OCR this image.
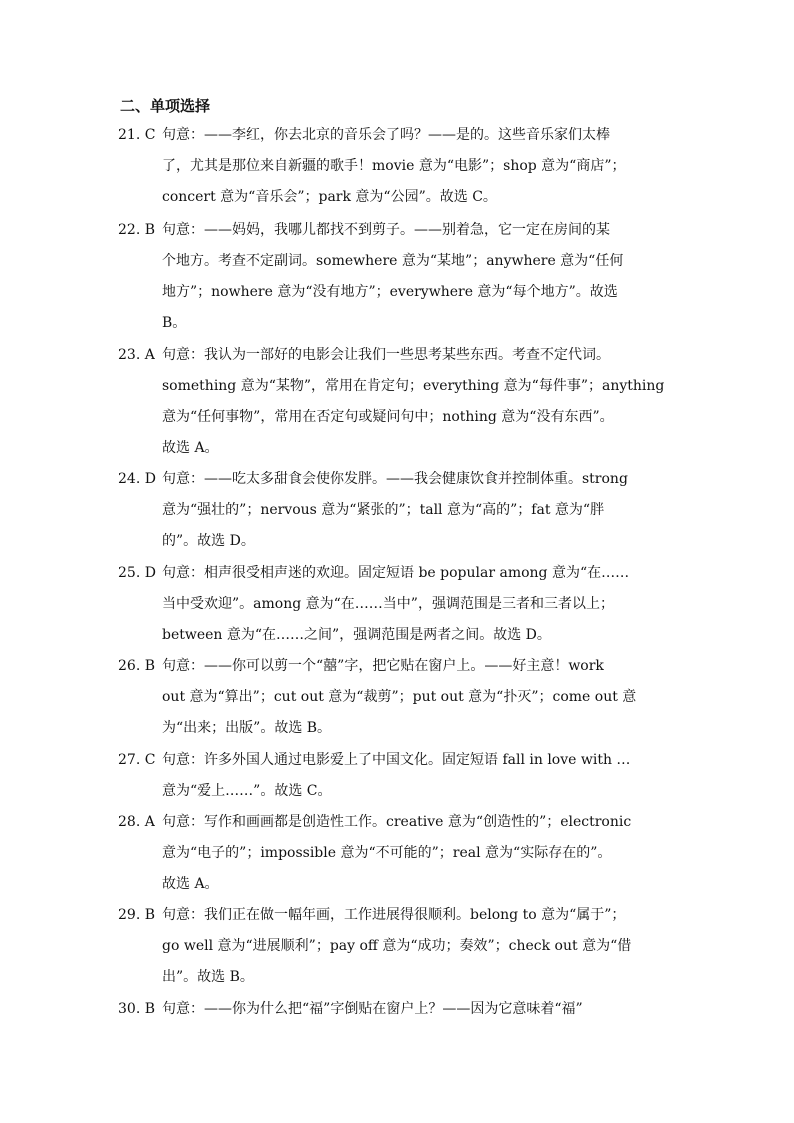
二、单项选择
21. C 句意：——李红，你去北京的音乐会了吗？——是的。这些音乐家们太棒
了，尤其是那位来自新疆的歌手！movie 意为“电影”；shop 意为“商店”；
concert 意为“音乐会”；park 意为“公园”。故选 C。
22. B 句意：——妈妈，我哪儿都找不到剪子。——别着急，它一定在房间的某
个地方。考查不定副词。somewhere 意为“某地”；anywhere 意为“任何
地方”；nowhere 意为“没有地方”；everywhere 意为“每个地方”。故选
B。
23. A 句意：我认为一部好的电影会让我们一些思考某些东西。考查不定代词。
something 意为“某物”，常用在肯定句；everything 意为“每件事”；anything
意为“任何事物”，常用在否定句或疑问句中；nothing 意为“没有东西”。
故选 A。
24. D 句意：——吃太多甜食会使你发胖。——我会健康饮食并控制体重。strong
意为“强壮的”；nervous 意为“紧张的”；tall 意为“高的”；fat 意为“胖
的”。故选 D。
25. D 句意：相声很受相声迷的欢迎。固定短语 be popular among 意为“在……
当中受欢迎”。among 意为“在……当中”，强调范围是三者和三者以上；
between 意为“在……之间”，强调范围是两者之间。故选 D。
26. B 句意：——你可以剪一个“囍”字，把它贴在窗户上。——好主意！work
out 意为“算出”；cut out 意为“裁剪”；put out 意为“扑灭”；come out 意
为“出来；出版”。故选 B。
27. C 句意：许多外国人通过电影爱上了中国文化。固定短语 fall in love with …
意为“爱上……”。故选 C。
28. A 句意：写作和画画都是创造性工作。creative 意为“创造性的”；electronic
意为“电子的”；impossible 意为“不可能的”；real 意为“实际存在的”。
故选 A。
29. B 句意：我们正在做一幅年画，工作进展得很顺利。belong to 意为“属于”；
go well 意为“进展顺利”；pay off 意为“成功；奏效”；check out 意为“借
出”。故选 B。
30. B 句意：——你为什么把“福”字倒贴在窗户上？——因为它意味着“福”
